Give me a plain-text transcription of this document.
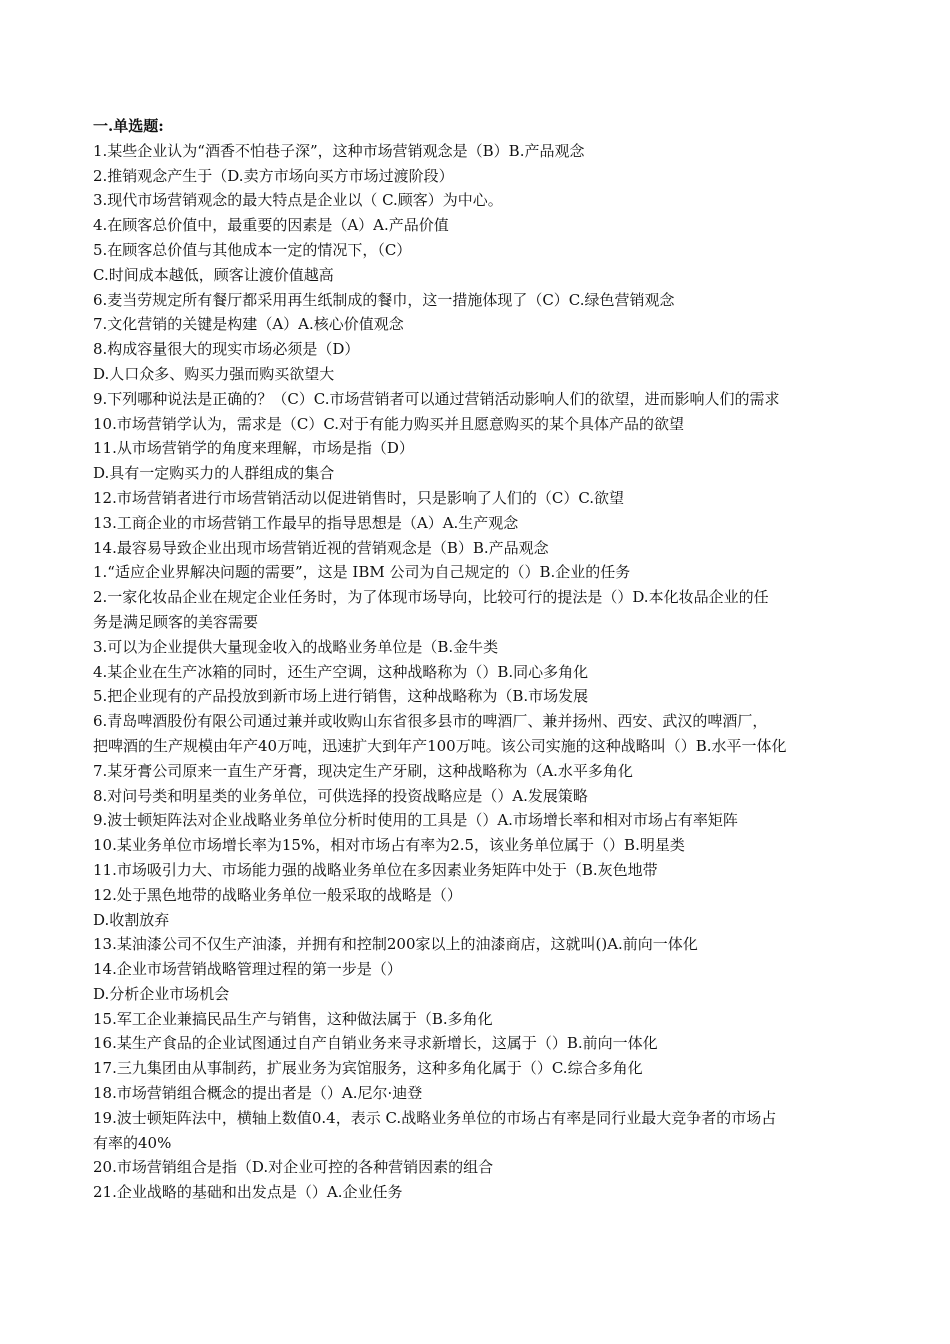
一.单选题:
1.某些企业认为“酒香不怕巷子深”，这种市场营销观念是（B）B.产品观念
2.推销观念产生于（D.卖方市场向买方市场过渡阶段）
3.现代市场营销观念的最大特点是企业以（ C.顾客）为中心。
4.在顾客总价值中，最重要的因素是（A）A.产品价值
5.在顾客总价值与其他成本一定的情况下，（C）
C.时间成本越低，顾客让渡价值越高
6.麦当劳规定所有餐厅都采用再生纸制成的餐巾，这一措施体现了（C）C.绿色营销观念
7.文化营销的关键是构建（A）A.核心价值观念
8.构成容量很大的现实市场必须是（D）
D.人口众多、购买力强而购买欲望大
9.下列哪种说法是正确的？（C）C.市场营销者可以通过营销活动影响人们的欲望，进而影响人们的需求
10.市场营销学认为，需求是（C）C.对于有能力购买并且愿意购买的某个具体产品的欲望
11.从市场营销学的角度来理解，市场是指（D）
D.具有一定购买力的人群组成的集合
12.市场营销者进行市场营销活动以促进销售时，只是影响了人们的（C）C.欲望
13.工商企业的市场营销工作最早的指导思想是（A）A.生产观念
14.最容易导致企业出现市场营销近视的营销观念是（B）B.产品观念
1.“适应企业界解决问题的需要”，这是 IBM 公司为自己规定的（）B.企业的任务
2.一家化妆品企业在规定企业任务时，为了体现市场导向，比较可行的提法是（）D.本化妆品企业的任
务是满足顾客的美容需要
3.可以为企业提供大量现金收入的战略业务单位是（B.金牛类
4.某企业在生产冰箱的同时，还生产空调，这种战略称为（）B.同心多角化
5.把企业现有的产品投放到新市场上进行销售，这种战略称为（B.市场发展
6.青岛啤酒股份有限公司通过兼并或收购山东省很多县市的啤酒厂、兼并扬州、西安、武汉的啤酒厂，
把啤酒的生产规模由年产40万吨，迅速扩大到年产100万吨。该公司实施的这种战略叫（）B.水平一体化
7.某牙膏公司原来一直生产牙膏，现决定生产牙刷，这种战略称为（A.水平多角化
8.对问号类和明星类的业务单位，可供选择的投资战略应是（）A.发展策略
9.波士顿矩阵法对企业战略业务单位分析时使用的工具是（）A.市场增长率和相对市场占有率矩阵
10.某业务单位市场增长率为15%，相对市场占有率为2.5，该业务单位属于（）B.明星类
11.市场吸引力大、市场能力强的战略业务单位在多因素业务矩阵中处于（B.灰色地带
12.处于黑色地带的战略业务单位一般采取的战略是（）
D.收割放弃
13.某油漆公司不仅生产油漆，并拥有和控制200家以上的油漆商店，这就叫()A.前向一体化
14.企业市场营销战略管理过程的第一步是（）
D.分析企业市场机会
15.军工企业兼搞民品生产与销售，这种做法属于（B.多角化
16.某生产食品的企业试图通过自产自销业务来寻求新增长，这属于（）B.前向一体化
17.三九集团由从事制药，扩展业务为宾馆服务，这种多角化属于（）C.综合多角化
18.市场营销组合概念的提出者是（）A.尼尔·迪登
19.波士顿矩阵法中，横轴上数值0.4，表示 C.战略业务单位的市场占有率是同行业最大竞争者的市场占
有率的40%
20.市场营销组合是指（D.对企业可控的各种营销因素的组合
21.企业战略的基础和出发点是（）A.企业任务
